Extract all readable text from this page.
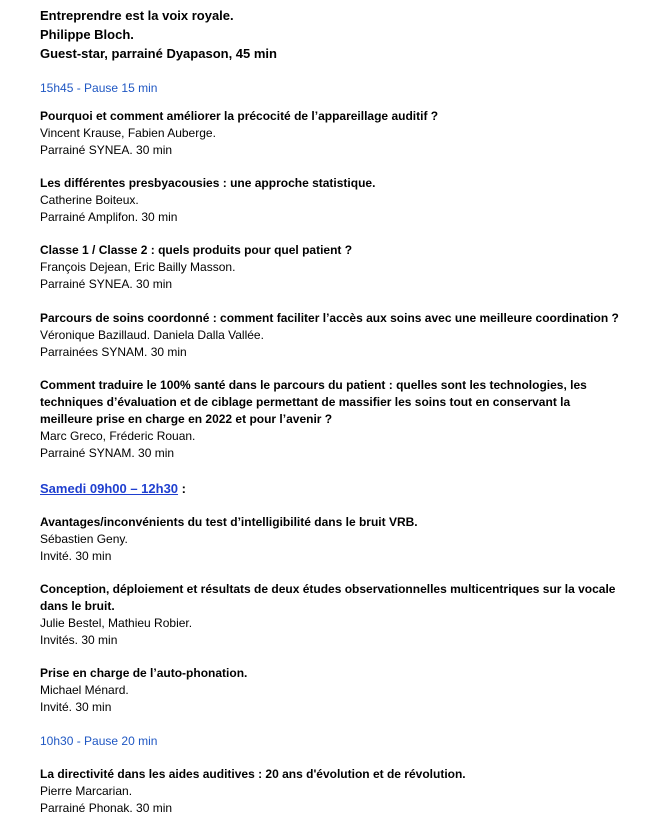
Entreprendre est la voix royale.

Philippe Bloch.

Guest-star, parrainé Dyapason, 45 min

15h45 - Pause 15 min

Pourquoi et comment améliorer la précocité de l’appareillage auditif ?

Vincent Krause, Fabien Auberge.

Parrainé SYNEA. 30 min

Les différentes presbyacousies : une approche statistique.

Catherine Boiteux.

Parrainé Amplifon. 30 min

Classe 1 / Classe 2 : quels produits pour quel patient ?

François Dejean, Eric Bailly Masson.

Parrainé SYNEA. 30 min

Parcours de soins coordonné : comment faciliter l’accès aux soins avec une meilleure coordination ?

Véronique Bazillaud. Daniela Dalla Vallée.

Parrainées SYNAM. 30 min

Comment traduire le 100% santé dans le parcours du patient : quelles sont les technologies, les

techniques d’évaluation et de ciblage permettant de massifier les soins tout en conservant la

meilleure prise en charge en 2022 et pour l’avenir ?

Marc Greco, Fréderic Rouan.

Parrainé SYNAM. 30 min

Samedi 09h00 – 12h30 :

Avantages/inconvénients du test d’intelligibilité dans le bruit VRB.

Sébastien Geny.

Invité. 30 min

Conception, déploiement et résultats de deux études observationnelles multicentriques sur la vocale

dans le bruit.

Julie Bestel, Mathieu Robier.

Invités. 30 min

Prise en charge de l’auto-phonation.

Michael Ménard.

Invité. 30 min

10h30 - Pause 20 min

La directivité dans les aides auditives : 20 ans d'évolution et de révolution.

Pierre Marcarian.

Parrainé Phonak. 30 min
